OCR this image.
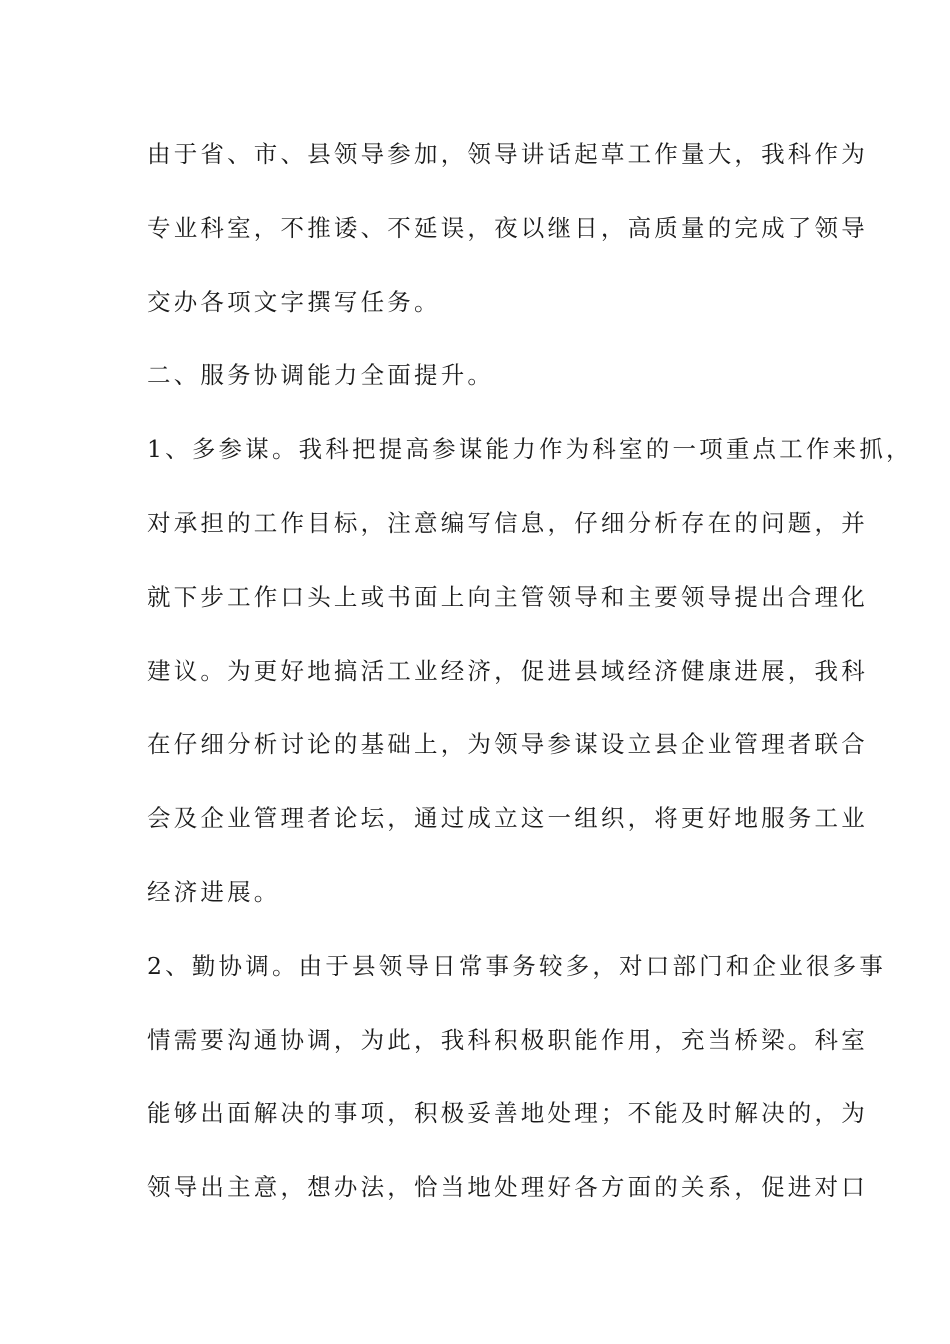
由于省、市、县领导参加，领导讲话起草工作量大，我科作为
专业科室，不推诿、不延误，夜以继日，高质量的完成了领导
交办各项文字撰写任务。
二、服务协调能力全面提升。
1、多参谋。我科把提高参谋能力作为科室的一项重点工作来抓，
对承担的工作目标，注意编写信息，仔细分析存在的问题，并
就下步工作口头上或书面上向主管领导和主要领导提出合理化
建议。为更好地搞活工业经济，促进县域经济健康进展，我科
在仔细分析讨论的基础上，为领导参谋设立县企业管理者联合
会及企业管理者论坛，通过成立这一组织，将更好地服务工业
经济进展。
2、勤协调。由于县领导日常事务较多，对口部门和企业很多事
情需要沟通协调，为此，我科积极职能作用，充当桥梁。科室
能够出面解决的事项，积极妥善地处理；不能及时解决的，为
领导出主意，想办法，恰当地处理好各方面的关系，促进对口
